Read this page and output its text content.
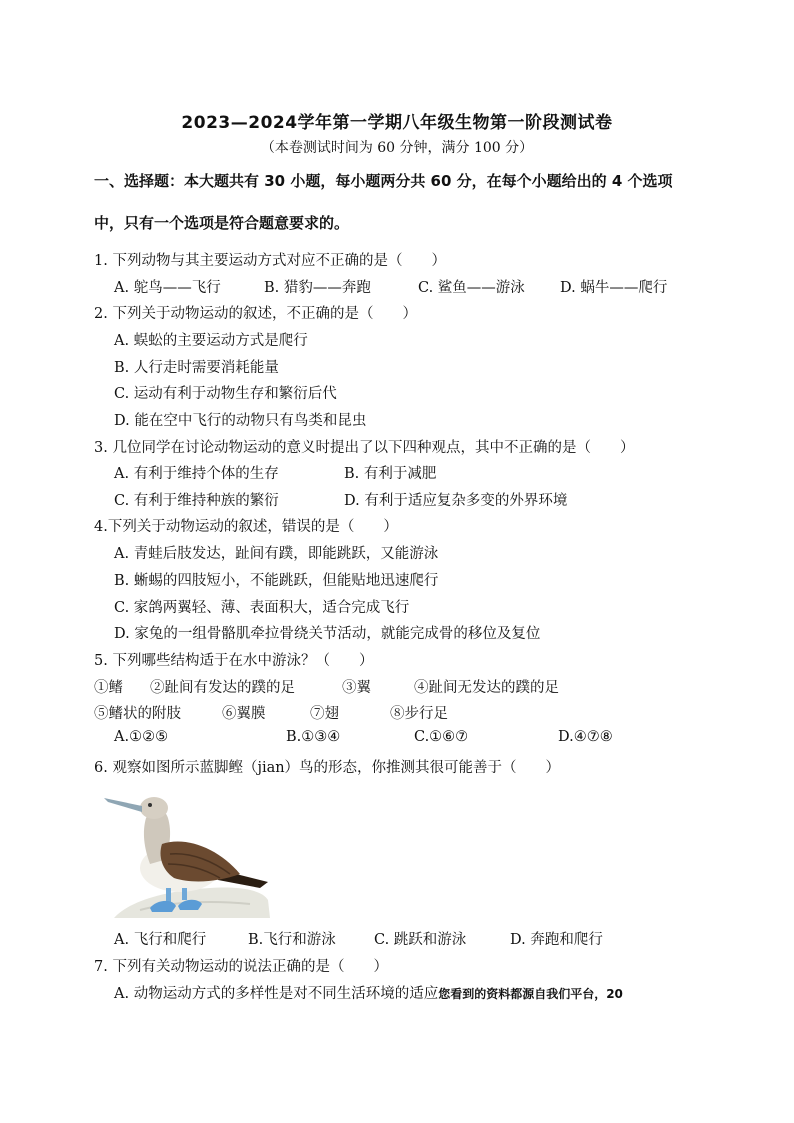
2023—2024学年第一学期八年级生物第一阶段测试卷
（本卷测试时间为 60 分钟，满分 100 分）
一、选择题：本大题共有 30 小题，每小题两分共 60 分，在每个小题给出的 4 个选项
中，只有一个选项是符合题意要求的。
1. 下列动物与其主要运动方式对应不正确的是（　　）
A. 鸵鸟——飞行	B. 猎豹——奔跑	C. 鲨鱼——游泳 D. 蜗牛——爬行
2. 下列关于动物运动的叙述，不正确的是（　　）
A. 蜈蚣的主要运动方式是爬行
B. 人行走时需要消耗能量
C. 运动有利于动物生存和繁衍后代
D. 能在空中飞行的动物只有鸟类和昆虫
3. 几位同学在讨论动物运动的意义时提出了以下四种观点，其中不正确的是（　　）
A. 有利于维持个体的生存	B. 有利于减肥
C. 有利于维持种族的繁衍	D. 有利于适应复杂多变的外界环境
4.下列关于动物运动的叙述，错误的是（　　）
A. 青蛙后肢发达，趾间有蹼，即能跳跃，又能游泳
B. 蜥蜴的四肢短小，不能跳跃，但能贴地迅速爬行
C. 家鸽两翼轻、薄、表面积大，适合完成飞行
D. 家兔的一组骨骼肌牵拉骨绕关节活动，就能完成骨的移位及复位
5. 下列哪些结构适于在水中游泳？（　　）
①鳍 ②趾间有发达的蹼的足	③翼	④趾间无发达的蹼的足
⑤鳍状的附肢	⑥翼膜	⑦翅	⑧步行足
A.①②⑤	B.①③④	C.①⑥⑦	D.④⑦⑧
6. 观察如图所示蓝脚鲣（jian）鸟的形态，你推测其很可能善于（　　）
A. 飞行和爬行	B.飞行和游泳	C. 跳跃和游泳	D. 奔跑和爬行
7. 下列有关动物运动的说法正确的是（　　）
A. 动物运动方式的多样性是对不同生活环境的适应您看到的资料都源自我们平台，20
